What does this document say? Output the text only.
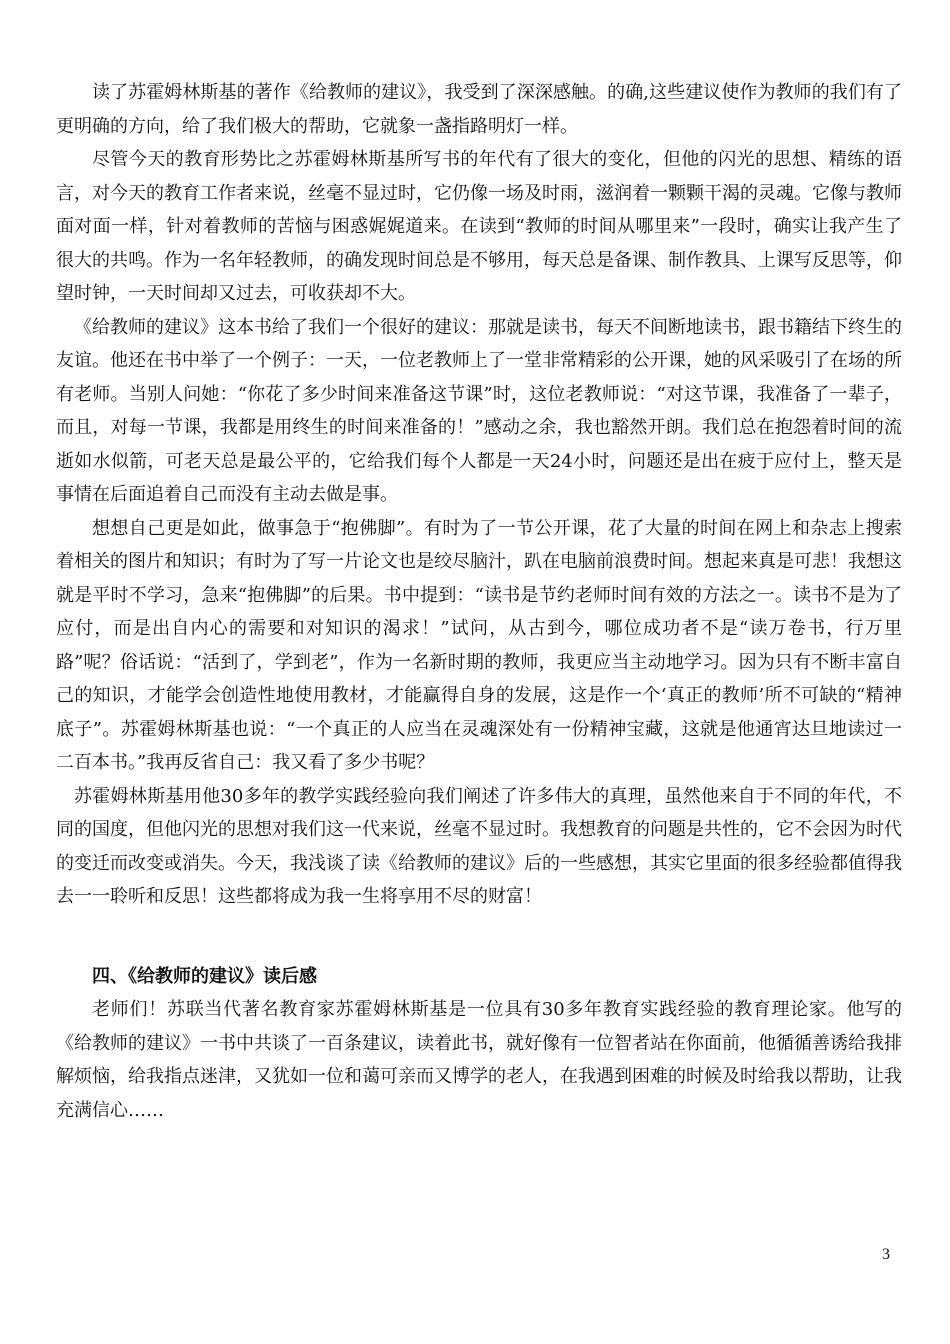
读了苏霍姆林斯基的著作《给教师的建议》，我受到了深深感触。的确,这些建议使作为教师的我们有了更明确的方向，给了我们极大的帮助，它就象一盏指路明灯一样。

尽管今天的教育形势比之苏霍姆林斯基所写书的年代有了很大的变化，但他的闪光的思想、精练的语言，对今天的教育工作者来说，丝毫不显过时，它仍像一场及时雨，滋润着一颗颗干渴的灵魂。它像与教师面对面一样，针对着教师的苦恼与困惑娓娓道来。在读到“教师的时间从哪里来”一段时，确实让我产生了很大的共鸣。作为一名年轻教师，的确发现时间总是不够用，每天总是备课、制作教具、上课写反思等，仰望时钟，一天时间却又过去，可收获却不大。

《给教师的建议》这本书给了我们一个很好的建议：那就是读书，每天不间断地读书，跟书籍结下终生的友谊。他还在书中举了一个例子：一天，一位老教师上了一堂非常精彩的公开课，她的风采吸引了在场的所有老师。当别人问她：“你花了多少时间来准备这节课”时，这位老教师说：“对这节课，我准备了一辈子，而且，对每一节课，我都是用终生的时间来准备的！”感动之余，我也豁然开朗。我们总在抱怨着时间的流逝如水似箭，可老天总是最公平的，它给我们每个人都是一天24小时，问题还是出在疲于应付上，整天是事情在后面追着自己而没有主动去做是事。

想想自己更是如此，做事急于“抱佛脚”。有时为了一节公开课，花了大量的时间在网上和杂志上搜索着相关的图片和知识；有时为了写一片论文也是绞尽脑汁，趴在电脑前浪费时间。想起来真是可悲！我想这就是平时不学习，急来“抱佛脚”的后果。书中提到：“读书是节约老师时间有效的方法之一。读书不是为了应付，而是出自内心的需要和对知识的渴求！”试问，从古到今，哪位成功者不是“读万卷书，行万里路”呢？俗话说：“活到了，学到老”，作为一名新时期的教师，我更应当主动地学习。因为只有不断丰富自己的知识，才能学会创造性地使用教材，才能赢得自身的发展，这是作一个‘真正的教师’所不可缺的“精神底子”。苏霍姆林斯基也说：“一个真正的人应当在灵魂深处有一份精神宝藏，这就是他通宵达旦地读过一二百本书。”我再反省自己：我又看了多少书呢？

苏霍姆林斯基用他30多年的教学实践经验向我们阐述了许多伟大的真理，虽然他来自于不同的年代，不同的国度，但他闪光的思想对我们这一代来说，丝毫不显过时。我想教育的问题是共性的，它不会因为时代的变迁而改变或消失。今天，我浅谈了读《给教师的建议》后的一些感想，其实它里面的很多经验都值得我去一一聆听和反思！这些都将成为我一生将享用不尽的财富！

四、《给教师的建议》读后感

老师们！苏联当代著名教育家苏霍姆林斯基是一位具有30多年教育实践经验的教育理论家。他写的《给教师的建议》一书中共谈了一百条建议，读着此书，就好像有一位智者站在你面前，他循循善诱给我排解烦恼，给我指点迷津，又犹如一位和蔼可亲而又博学的老人，在我遇到困难的时候及时给我以帮助，让我充满信心……

3
